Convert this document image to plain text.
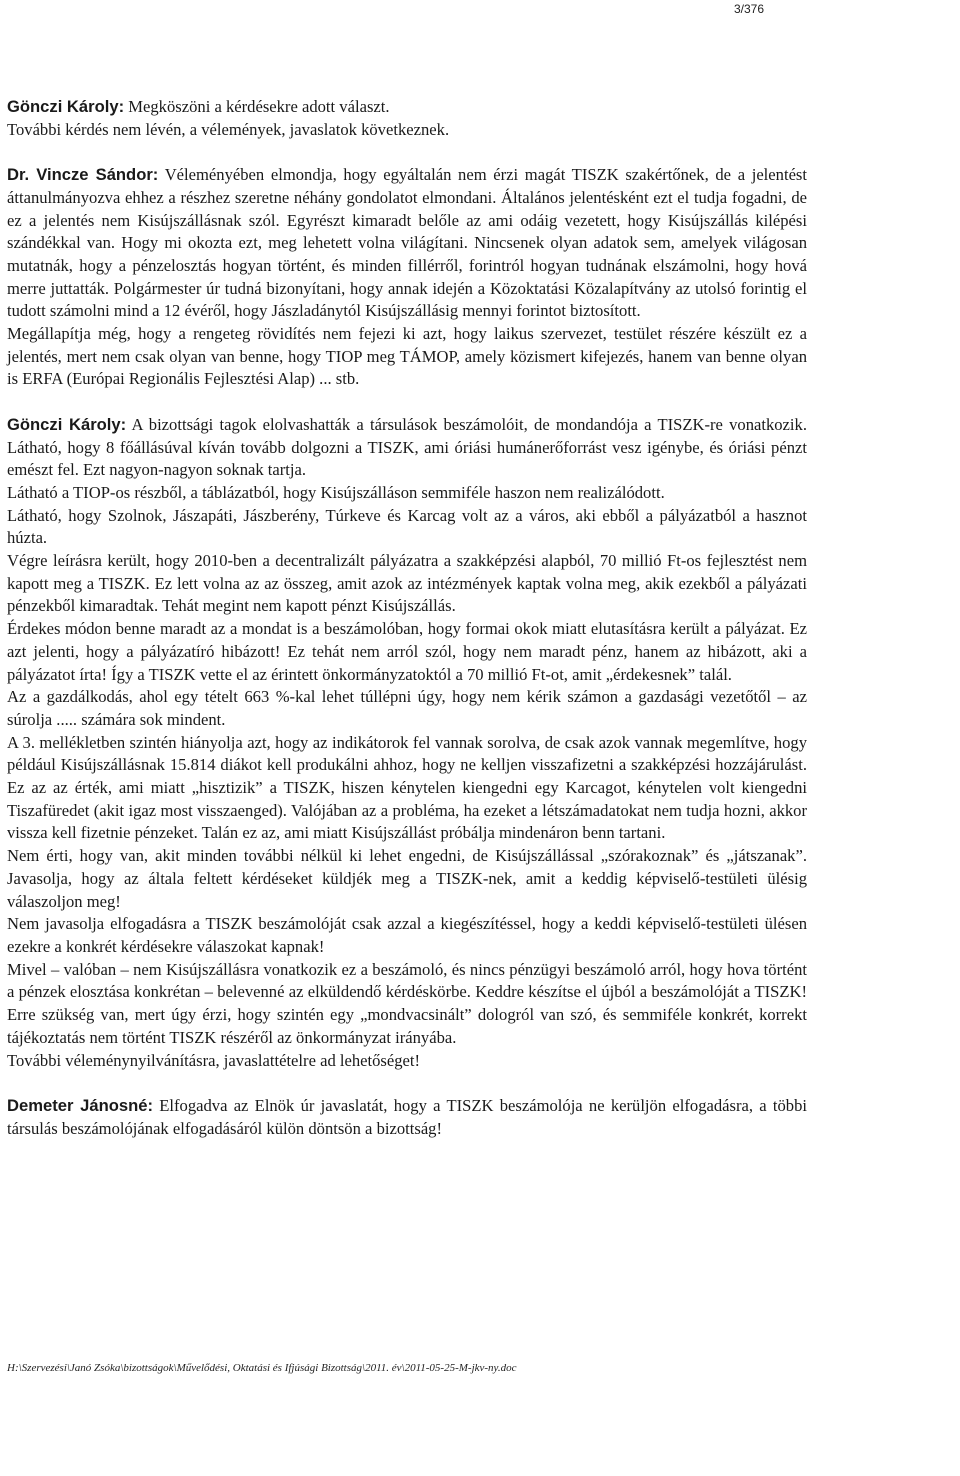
3/376

Gönczi Károly: Megköszöni a kérdésekre adott választ.

További kérdés nem lévén, a vélemények, javaslatok következnek.

Dr. Vincze Sándor: Véleményében elmondja, hogy egyáltalán nem érzi magát TISZK szakértőnek, de a jelentést áttanulmányozva ehhez a részhez szeretne néhány gondolatot elmondani. Általános jelentésként ezt el tudja fogadni, de ez a jelentés nem Kisújszállásnak szól. Egyrészt kimaradt belőle az ami odáig vezetett, hogy Kisújszállás kilépési szándékkal van. Hogy mi okozta ezt, meg lehetett volna világítani. Nincsenek olyan adatok sem, amelyek világosan mutatnák, hogy a pénzelosztás hogyan történt, és minden fillérről, forintról hogyan tudnának elszámolni, hogy hová merre juttatták. Polgármester úr tudná bizonyítani, hogy annak idején a Közoktatási Közalapítvány az utolsó forintig el tudott számolni mind a 12 évéről, hogy Jászladánytól Kisújszállásig mennyi forintot biztosított.

Megállapítja még, hogy a rengeteg rövidítés nem fejezi ki azt, hogy laikus szervezet, testület részére készült ez a jelentés, mert nem csak olyan van benne, hogy TIOP meg TÁMOP, amely közismert kifejezés, hanem van benne olyan is ERFA (Európai Regionális Fejlesztési Alap) ... stb.

Gönczi Károly: A bizottsági tagok elolvashatták a társulások beszámolóit, de mondandója a TISZK-re vonatkozik. Látható, hogy 8 főállásúval kíván tovább dolgozni a TISZK, ami óriási humánerőforrást vesz igénybe, és óriási pénzt emészt fel. Ezt nagyon-nagyon soknak tartja.

Látható a TIOP-os részből, a táblázatból, hogy Kisújszálláson semmiféle haszon nem realizálódott.

Látható, hogy Szolnok, Jászapáti, Jászberény, Túrkeve és Karcag volt az a város, aki ebből a pályázatból a hasznot húzta.

Végre leírásra került, hogy 2010-ben a decentralizált pályázatra a szakképzési alapból, 70 millió Ft-os fejlesztést nem kapott meg a TISZK. Ez lett volna az az összeg, amit azok az intézmények kaptak volna meg, akik ezekből a pályázati pénzekből kimaradtak. Tehát megint nem kapott pénzt Kisújszállás.

Érdekes módon benne maradt az a mondat is a beszámolóban, hogy formai okok miatt elutasításra került a pályázat. Ez azt jelenti, hogy a pályázatíró hibázott! Ez tehát nem arról szól, hogy nem maradt pénz, hanem az hibázott, aki a pályázatot írta! Így a TISZK vette el az érintett önkormányzatoktól a 70 millió Ft-ot, amit „érdekesnek” talál.

Az a gazdálkodás, ahol egy tételt 663 %-kal lehet túllépni úgy, hogy nem kérik számon a gazdasági vezetőtől – az súrolja ..... számára sok mindent.

A 3. mellékletben szintén hiányolja azt, hogy az indikátorok fel vannak sorolva, de csak azok vannak megemlítve, hogy például Kisújszállásnak 15.814 diákot kell produkálni ahhoz, hogy ne kelljen visszafizetni a szakképzési hozzájárulást. Ez az az érték, ami miatt „hisztizik” a TISZK, hiszen kénytelen kiengedni egy Karcagot, kénytelen volt kiengedni Tiszafüredet (akit igaz most visszaenged). Valójában az a probléma, ha ezeket a létszámadatokat nem tudja hozni, akkor vissza kell fizetnie pénzeket. Talán ez az, ami miatt Kisújszállást próbálja mindenáron benn tartani.

Nem érti, hogy van, akit minden további nélkül ki lehet engedni, de Kisújszállással „szórakoznak” és „játszanak”. Javasolja, hogy az általa feltett kérdéseket küldjék meg a TISZK-nek, amit a keddig képviselő-testületi ülésig válaszoljon meg!

Nem javasolja elfogadásra a TISZK beszámolóját csak azzal a kiegészítéssel, hogy a keddi képviselő-testületi ülésen ezekre a konkrét kérdésekre válaszokat kapnak!

Mivel – valóban – nem Kisújszállásra vonatkozik ez a beszámoló, és nincs pénzügyi beszámoló arról, hogy hova történt a pénzek elosztása konkrétan – belevenné az elküldendő kérdéskörbe. Keddre készítse el újból a beszámolóját a TISZK! Erre szükség van, mert úgy érzi, hogy szintén egy „mondvacsinált” dologról van szó, és semmiféle konkrét, korrekt tájékoztatás nem történt TISZK részéről az önkormányzat irányába.

További véleménynyilvánításra, javaslattételre ad lehetőséget!

Demeter Jánosné: Elfogadva az Elnök úr javaslatát, hogy a TISZK beszámolója ne kerüljön elfogadásra, a többi társulás beszámolójának elfogadásáról külön döntsön a bizottság!

H:\Szervezési\Janó Zsóka\bizottságok\Művelődési, Oktatási és Ifjúsági Bizottság\2011. év\2011-05-25-M-jkv-ny.doc
